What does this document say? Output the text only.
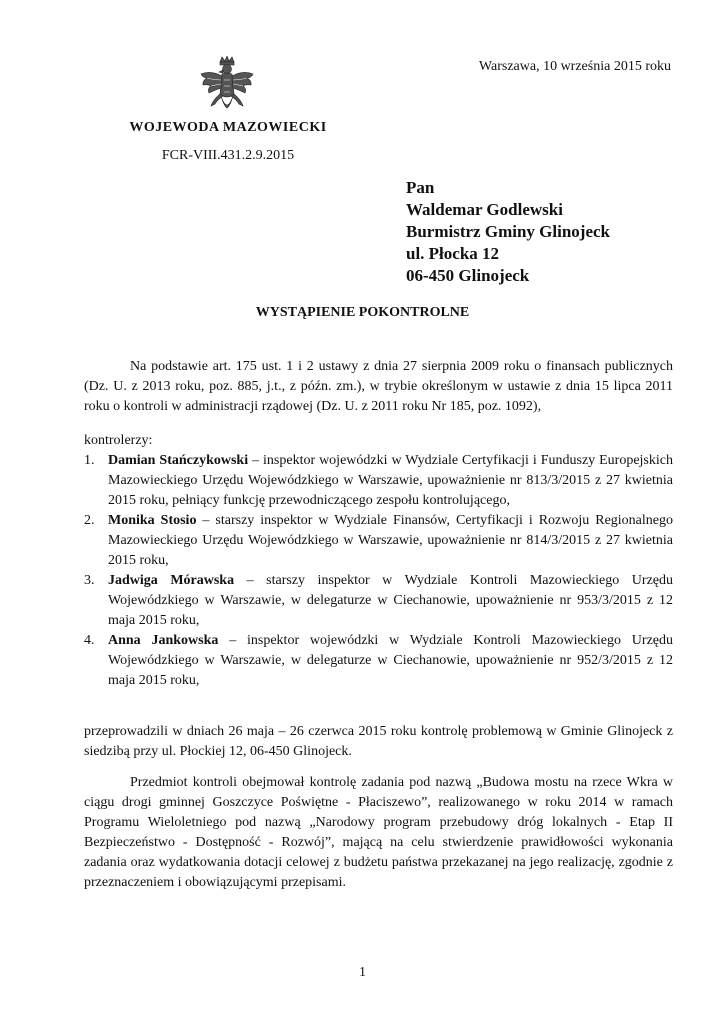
Warszawa, 10 września 2015 roku
WOJEWODA MAZOWIECKI
FCR-VIII.431.2.9.2015
Pan
Waldemar Godlewski
Burmistrz Gminy Glinojeck
ul. Płocka 12
06-450 Glinojeck
WYSTĄPIENIE POKONTROLNE

Na podstawie art. 175 ust. 1 i 2 ustawy z dnia 27 sierpnia 2009 roku o finansach publicznych (Dz. U. z 2013 roku, poz. 885, j.t., z późn. zm.), w trybie określonym w ustawie z dnia 15 lipca 2011 roku o kontroli w administracji rządowej (Dz. U. z 2011 roku Nr 185, poz. 1092),

kontrolerzy:

1. Damian Stańczykowski – inspektor wojewódzki w Wydziale Certyfikacji i Funduszy Europejskich Mazowieckiego Urzędu Wojewódzkiego w Warszawie, upoważnienie nr 813/3/2015 z 27 kwietnia 2015 roku, pełniący funkcję przewodniczącego zespołu kontrolującego,
2. Monika Stosio – starszy inspektor w Wydziale Finansów, Certyfikacji i Rozwoju Regionalnego Mazowieckiego Urzędu Wojewódzkiego w Warszawie, upoważnienie nr 814/3/2015 z 27 kwietnia 2015 roku,
3. Jadwiga Mórawska – starszy inspektor w Wydziale Kontroli Mazowieckiego Urzędu Wojewódzkiego w Warszawie, w delegaturze w Ciechanowie, upoważnienie nr 953/3/2015 z 12 maja 2015 roku,
4. Anna Jankowska – inspektor wojewódzki w Wydziale Kontroli Mazowieckiego Urzędu Wojewódzkiego w Warszawie, w delegaturze w Ciechanowie, upoważnienie nr 952/3/2015 z 12 maja 2015 roku,

przeprowadzili w dniach 26 maja – 26 czerwca 2015 roku kontrolę problemową w Gminie Glinojeck z siedzibą przy ul. Płockiej 12, 06-450 Glinojeck.

Przedmiot kontroli obejmował kontrolę zadania pod nazwą „Budowa mostu na rzece Wkra w ciągu drogi gminnej Goszczyce Poświętne - Płaciszewo”, realizowanego w roku 2014 w ramach Programu Wieloletniego pod nazwą „Narodowy program przebudowy dróg lokalnych - Etap II Bezpieczeństwo - Dostępność - Rozwój”, mającą na celu stwierdzenie prawidłowości wykonania zadania oraz wydatkowania dotacji celowej z budżetu państwa przekazanej na jego realizację, zgodnie z przeznaczeniem i obowiązującymi przepisami.

1
